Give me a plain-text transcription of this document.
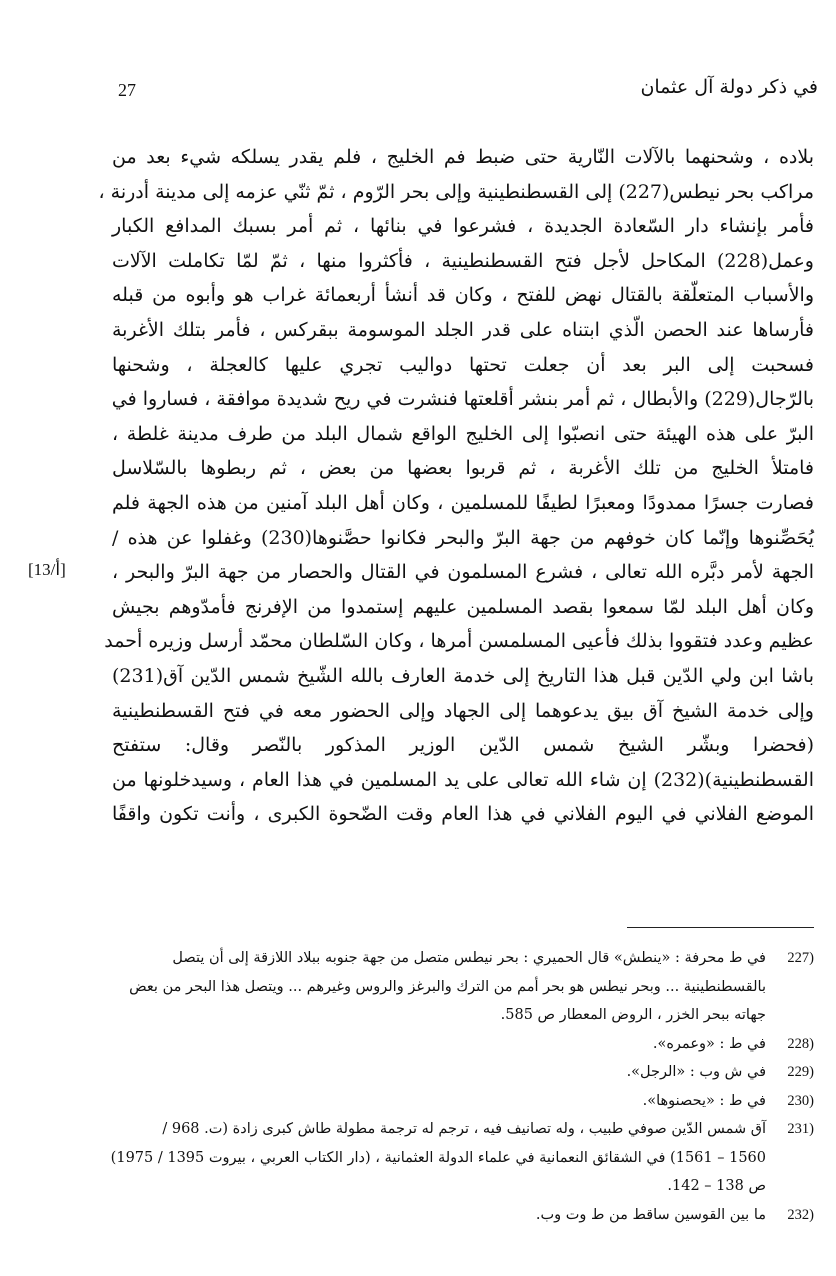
27	في ذكر دولة آل عثمان
بلاده ، وشحنهما بالآلات النّارية حتى ضبط فم الخليج ، فلم يقدر يسلكه شيء بعد من
مراكب بحر نيطس(227) إلى القسطنطينية وإلى بحر الرّوم ، ثمّ ثنّي عزمه إلى مدينة أدرنة ،
فأمر بإنشاء دار السّعادة الجديدة ، فشرعوا في بنائها ، ثم أمر بسبك المدافع الكبار
وعمل(228) المكاحل لأجل فتح القسطنطينية ، فأكثروا منها ، ثمّ لمّا تكاملت الآلات
والأسباب المتعلّقة بالقتال نهض للفتح ، وكان قد أنشأ أربعمائة غراب هو وأبوه من قبله
فأرساها عند الحصن الّذي ابتناه على قدر الجلد الموسومة ببقركس ، فأمر بتلك الأغربة
فسحبت إلى البر بعد أن جعلت تحتها دواليب تجري عليها كالعجلة ، وشحنها
بالرّجال(229) والأبطال ، ثم أمر بنشر أقلعتها فنشرت في ريح شديدة موافقة ، فساروا في
البرّ على هذه الهيئة حتى انصبّوا إلى الخليج الواقع شمال البلد من طرف مدينة غلطة ،
فامتلأ الخليج من تلك الأغربة ، ثم قربوا بعضها من بعض ، ثم ربطوها بالسّلاسل
فصارت جسرًا ممدودًا ومعبرًا لطيفًا للمسلمين ، وكان أهل البلد آمنين من هذه الجهة فلم
يُحَصِّنوها وإنّما كان خوفهم من جهة البرّ والبحر فكانوا حصَّنوها(230) وغفلوا عن هذه /
الجهة لأمر دبَّره الله تعالى ، فشرع المسلمون في القتال والحصار من جهة البرّ والبحر ،
وكان أهل البلد لمّا سمعوا بقصد المسلمين عليهم إستمدوا من الإفرنج فأمدّوهم بجيش
عظيم وعدد فتقووا بذلك فأعيى المسلمسن أمرها ، وكان السّلطان محمّد أرسل وزيره أحمد
باشا ابن ولي الدّين قبل هذا التاريخ إلى خدمة العارف بالله الشّيخ شمس الدّين آق(231)
وإلى خدمة الشيخ آق بيق يدعوهما إلى الجهاد وإلى الحضور معه في فتح القسطنطينية
(فحضرا وبشّر الشيخ شمس الدّين الوزير المذكور بالنّصر وقال: ستفتح
القسطنطينية)(232) إن شاء الله تعالى على يد المسلمين في هذا العام ، وسيدخلونها من
الموضع الفلاني في اليوم الفلاني في هذا العام وقت الضّحوة الكبرى ، وأنت تكون واقفًا
[13/أ]
227)
في ط محرفة : «ينطش» قال الحميري : بحر نيطس متصل من جهة جنوبه ببلاد اللازقة إلى أن يتصل
بالقسطنطينية ... وبحر نيطس هو بحر أمم من الترك والبرغز والروس وغيرهم ... ويتصل هذا البحر من بعض
جهاته ببحر الخزر ، الروض المعطار ص 585.
228)
في ط : «وعمره».
229)
في ش وب : «الرجل».
230)
في ط : «يحصنوها».
231)
آق شمس الدّين صوفي طبيب ، وله تصانيف فيه ، ترجم له ترجمة مطولة طاش كبرى زادة (ت. 968 /
1560 – 1561) في الشقائق النعمانية في علماء الدولة العثمانية ، (دار الكتاب العربي ، بيروت 1395 / 1975)
ص 138 – 142.
232)
ما بين القوسين ساقط من ط وت وب.
